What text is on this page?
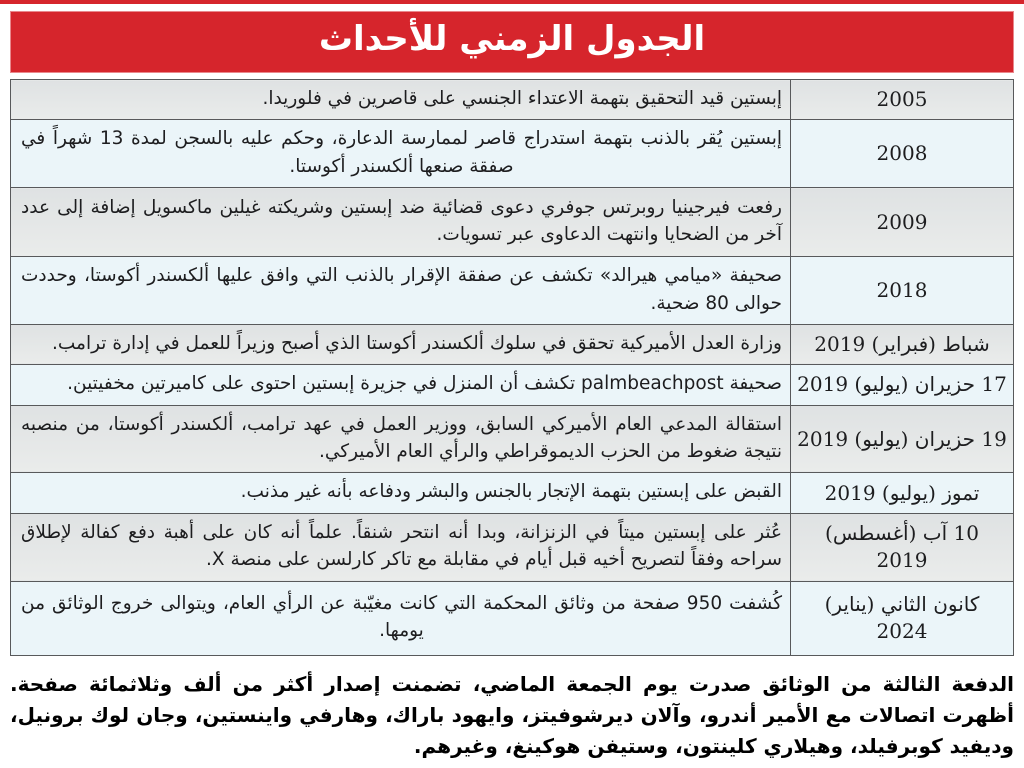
الجدول الزمني للأحداث
2005	إبستين قيد التحقيق بتهمة الاعتداء الجنسي على قاصرين في فلوريدا.
2008	إبستين يُقر بالذنب بتهمة استدراج قاصر لممارسة الدعارة، وحكم عليه بالسجن لمدة 13 شهراً في صفقة صنعها ألكسندر أكوستا.
2009	رفعت فيرجينيا روبرتس جوفري دعوى قضائية ضد إبستين وشريكته غيلين ماكسويل إضافة إلى عدد آخر من الضحايا وانتهت الدعاوى عبر تسويات.
2018	صحيفة «ميامي هيرالد» تكشف عن صفقة الإقرار بالذنب التي وافق عليها ألكسندر أكوستا، وحددت حوالى 80 ضحية.
شباط (فبراير) 2019	وزارة العدل الأميركية تحقق في سلوك ألكسندر أكوستا الذي أصبح وزيراً للعمل في إدارة ترامب.
17 حزيران (يوليو) 2019	صحيفة palmbeachpost تكشف أن المنزل في جزيرة إبستين احتوى على كاميرتين مخفيتين.
19 حزيران (يوليو) 2019	استقالة المدعي العام الأميركي السابق، ووزير العمل في عهد ترامب، ألكسندر أكوستا، من منصبه نتيجة ضغوط من الحزب الديموقراطي والرأي العام الأميركي.
تموز (يوليو) 2019	القبض على إبستين بتهمة الإتجار بالجنس والبشر ودفاعه بأنه غير مذنب.
10 آب (أغسطس) 2019	عُثر على إبستين ميتاً في الزنزانة، وبدا أنه انتحر شنقاً. علماً أنه كان على أهبة دفع كفالة لإطلاق سراحه وفقاً لتصريح أخيه قبل أيام في مقابلة مع تاكر كارلسن على منصة X.
كانون الثاني (يناير) 2024	كُشفت 950 صفحة من وثائق المحكمة التي كانت مغيّبة عن الرأي العام، ويتوالى خروج الوثائق من يومها.

الدفعة الثالثة من الوثائق صدرت يوم الجمعة الماضي، تضمنت إصدار أكثر من ألف وثلاثمائة صفحة. أظهرت اتصالات مع الأمير أندرو، وآلان ديرشوفيتز، وايهود باراك، وهارفي واينستين، وجان لوك برونيل، وديفيد كوبرفيلد، وهيلاري كلينتون، وستيفن هوكينغ، وغيرهم.
